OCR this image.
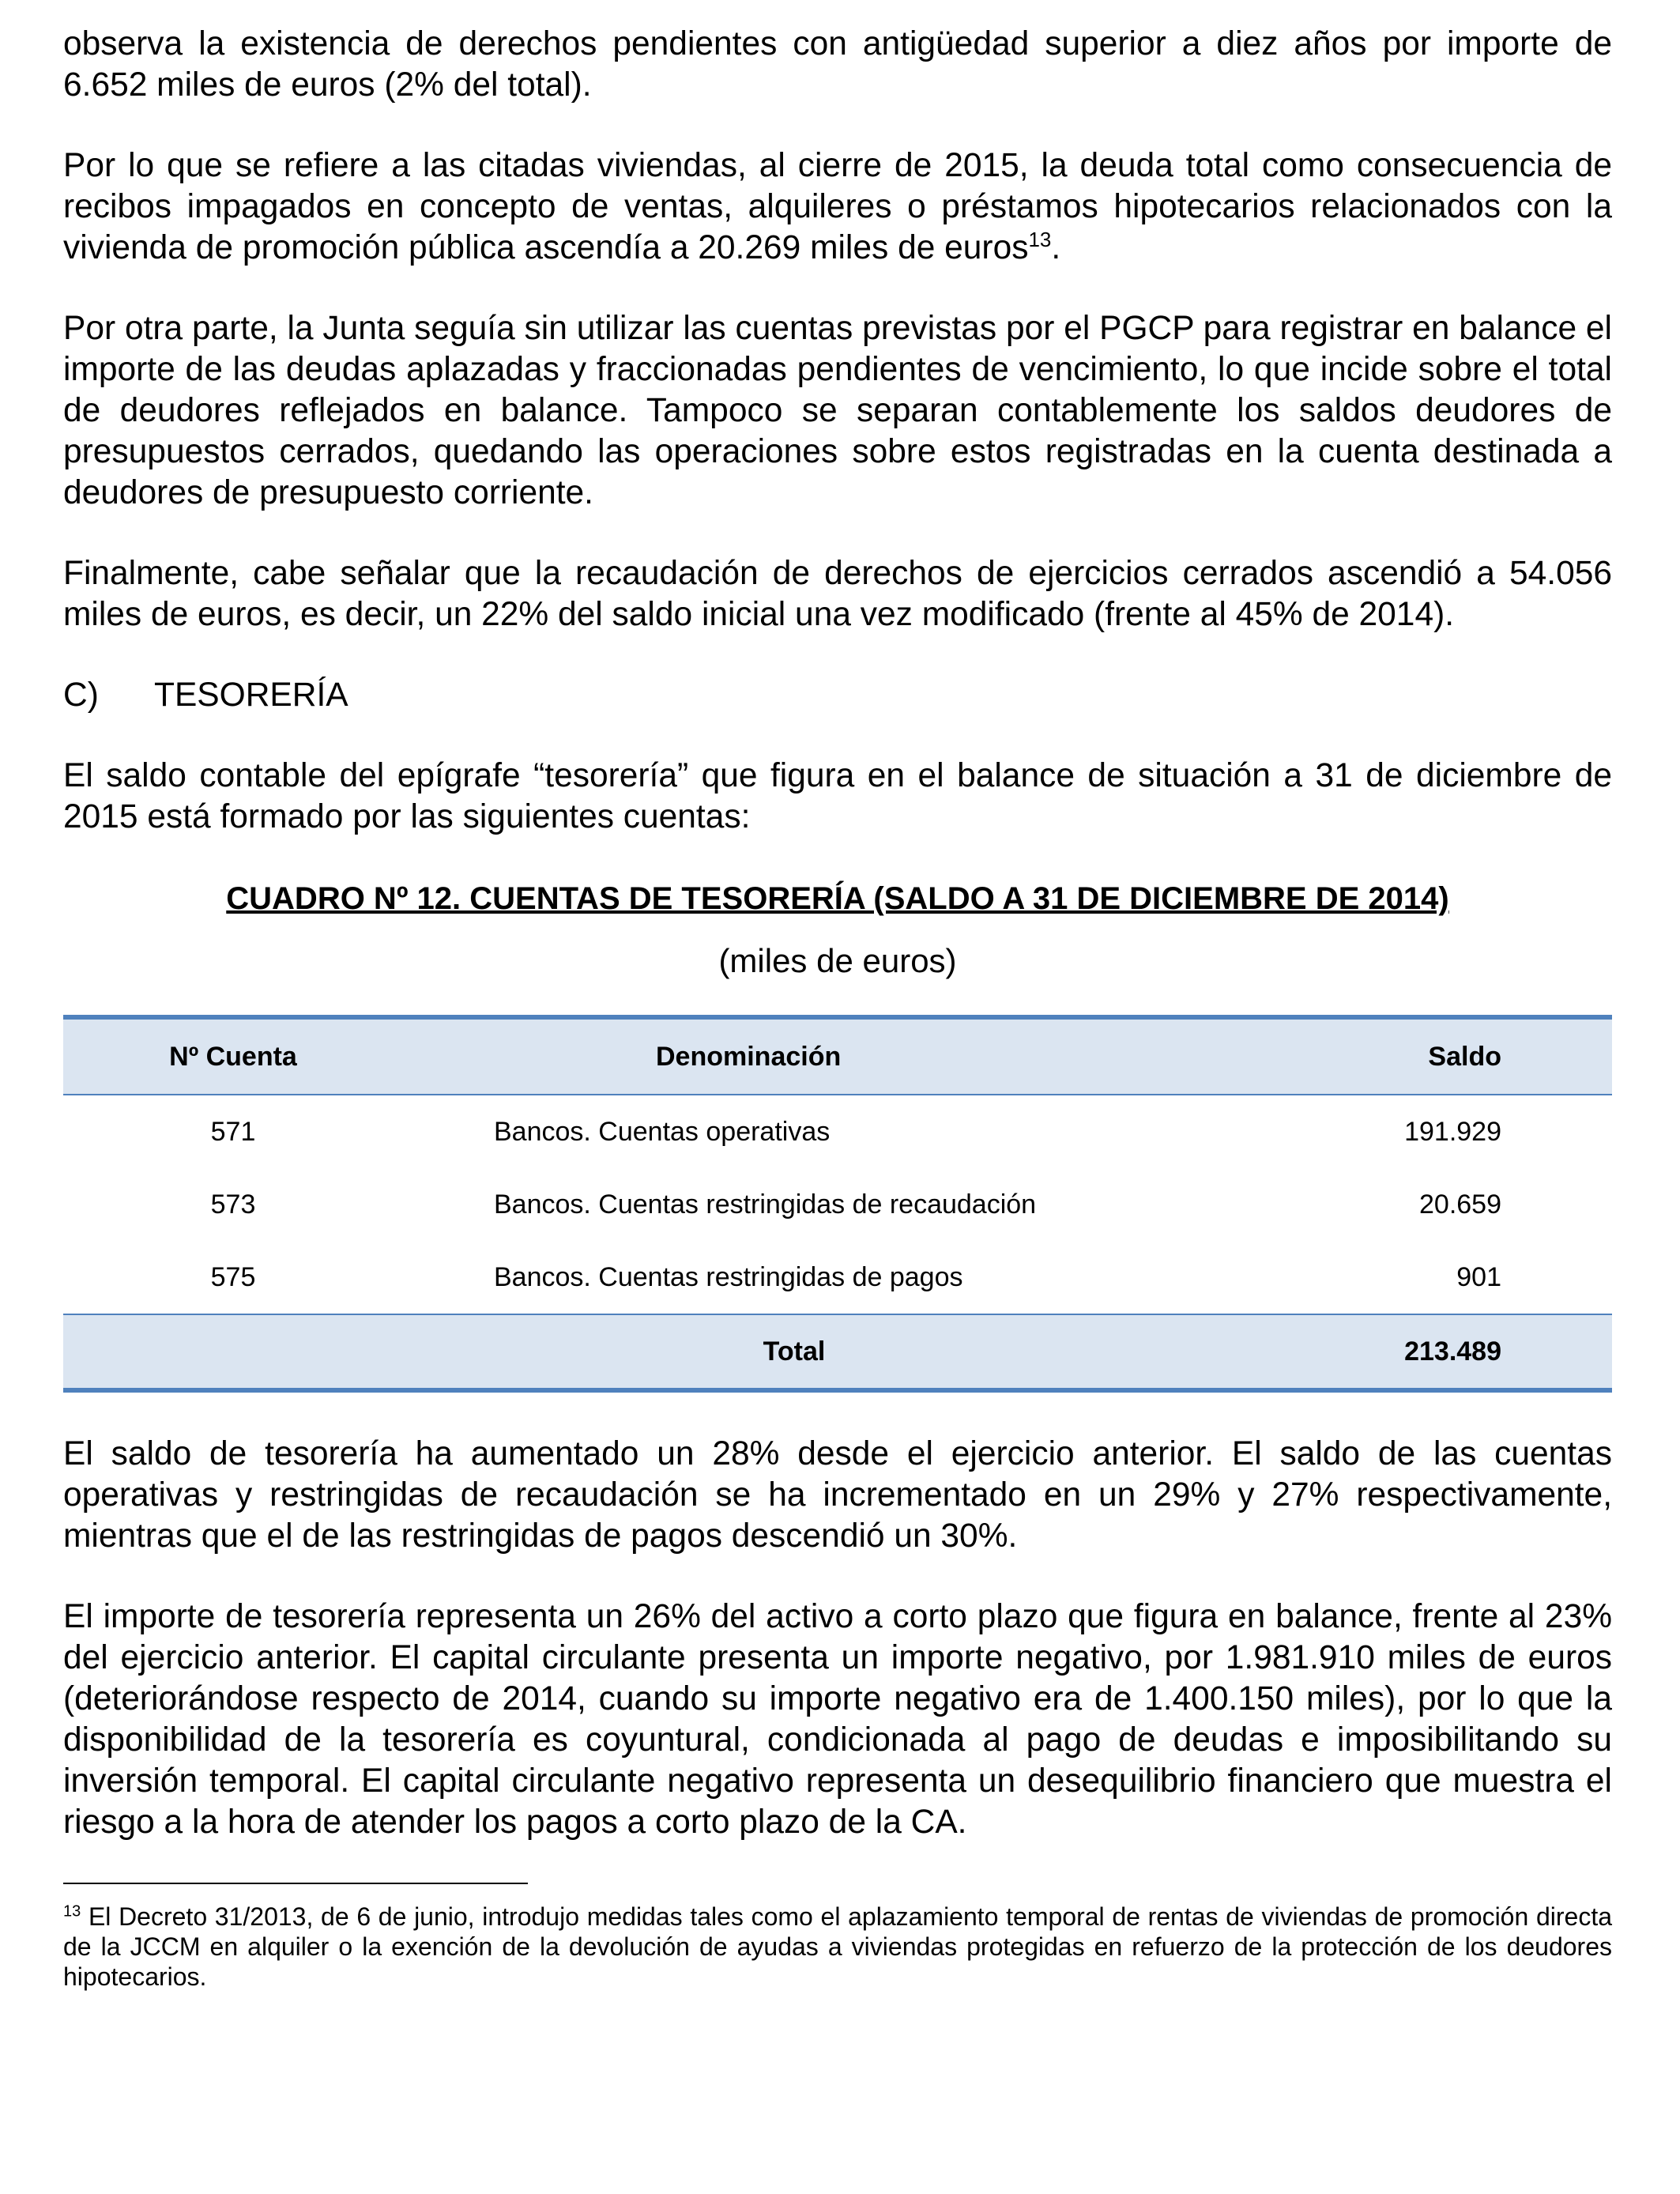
observa la existencia de derechos pendientes con antigüedad superior a diez años por importe de 6.652 miles de euros (2% del total).

Por lo que se refiere a las citadas viviendas, al cierre de 2015, la deuda total como consecuencia de recibos impagados en concepto de ventas, alquileres o préstamos hipotecarios relacionados con la vivienda de promoción pública ascendía a 20.269 miles de euros$^{13}$.

Por otra parte, la Junta seguía sin utilizar las cuentas previstas por el PGCP para registrar en balance el importe de las deudas aplazadas y fraccionadas pendientes de vencimiento, lo que incide sobre el total de deudores reflejados en balance. Tampoco se separan contablemente los saldos deudores de presupuestos cerrados, quedando las operaciones sobre estos registradas en la cuenta destinada a deudores de presupuesto corriente.

Finalmente, cabe señalar que la recaudación de derechos de ejercicios cerrados ascendió a 54.056 miles de euros, es decir, un 22% del saldo inicial una vez modificado (frente al 45% de 2014).

C) TESORERÍA

El saldo contable del epígrafe “tesorería” que figura en el balance de situación a 31 de diciembre de 2015 está formado por las siguientes cuentas:

CUADRO Nº 12. CUENTAS DE TESORERÍA (SALDO A 31 DE DICIEMBRE DE 2014)
(miles de euros)
Nº Cuenta	Denominación	Saldo
571	Bancos. Cuentas operativas	191.929
573	Bancos. Cuentas restringidas de recaudación	20.659
575	Bancos. Cuentas restringidas de pagos	901
	Total	213.489

El saldo de tesorería ha aumentado un 28% desde el ejercicio anterior. El saldo de las cuentas operativas y restringidas de recaudación se ha incrementado en un 29% y 27% respectivamente, mientras que el de las restringidas de pagos descendió un 30%.

El importe de tesorería representa un 26% del activo a corto plazo que figura en balance, frente al 23% del ejercicio anterior. El capital circulante presenta un importe negativo, por 1.981.910 miles de euros (deteriorándose respecto de 2014, cuando su importe negativo era de 1.400.150 miles), por lo que la disponibilidad de la tesorería es coyuntural, condicionada al pago de deudas e imposibilitando su inversión temporal. El capital circulante negativo representa un desequilibrio financiero que muestra el riesgo a la hora de atender los pagos a corto plazo de la CA.

$^{13}$ El Decreto 31/2013, de 6 de junio, introdujo medidas tales como el aplazamiento temporal de rentas de viviendas de promoción directa de la JCCM en alquiler o la exención de la devolución de ayudas a viviendas protegidas en refuerzo de la protección de los deudores hipotecarios.
